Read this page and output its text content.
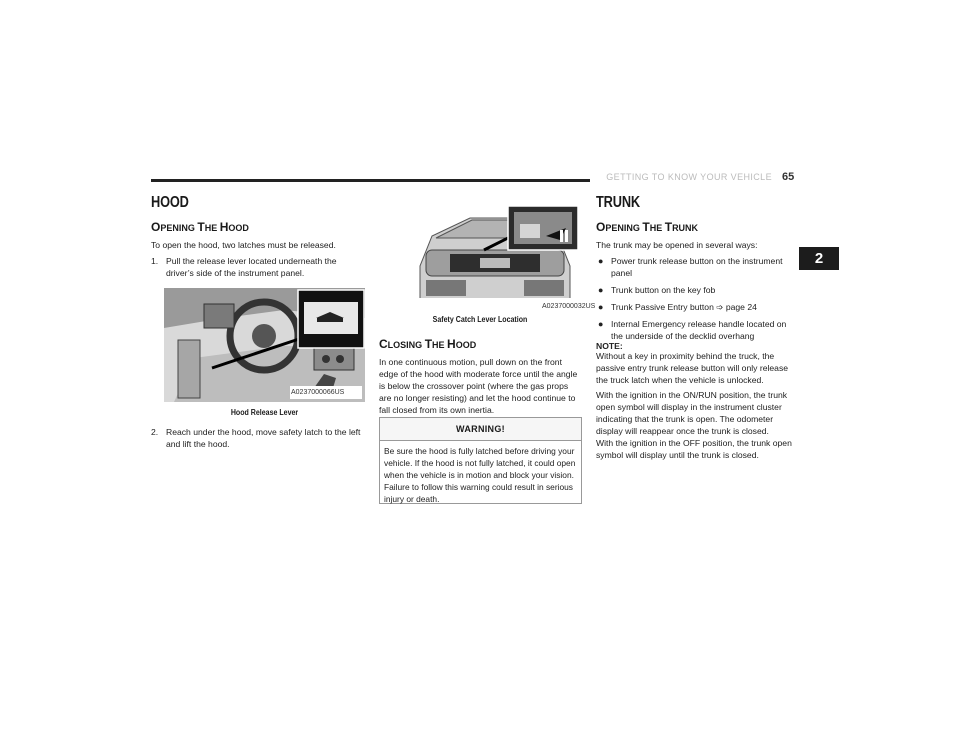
GETTING TO KNOW YOUR VEHICLE 65
2
HOOD
OPENING THE HOOD
To open the hood, two latches must be released.
1. Pull the release lever located underneath the driver’s side of the instrument panel.
A0237000066US
Hood Release Lever
2. Reach under the hood, move safety latch to the left and lift the hood.
A0237000032US
Safety Catch Lever Location
CLOSING THE HOOD
In one continuous motion, pull down on the front edge of the hood with moderate force until the angle is below the crossover point (where the gas props are no longer resisting) and let the hood continue to fall closed from its own inertia.
WARNING!
Be sure the hood is fully latched before driving your vehicle. If the hood is not fully latched, it could open when the vehicle is in motion and block your vision. Failure to follow this warning could result in serious injury or death.
TRUNK
OPENING THE TRUNK
The trunk may be opened in several ways:
● Power trunk release button on the instrument panel
● Trunk button on the key fob
● Trunk Passive Entry button ➩ page 24
● Internal Emergency release handle located on the underside of the decklid overhang
NOTE:
Without a key in proximity behind the truck, the passive entry trunk release button will only release the truck latch when the vehicle is unlocked.
With the ignition in the ON/RUN position, the trunk open symbol will display in the instrument cluster indicating that the trunk is open. The odometer display will reappear once the trunk is closed.
With the ignition in the OFF position, the trunk open symbol will display until the trunk is closed.
